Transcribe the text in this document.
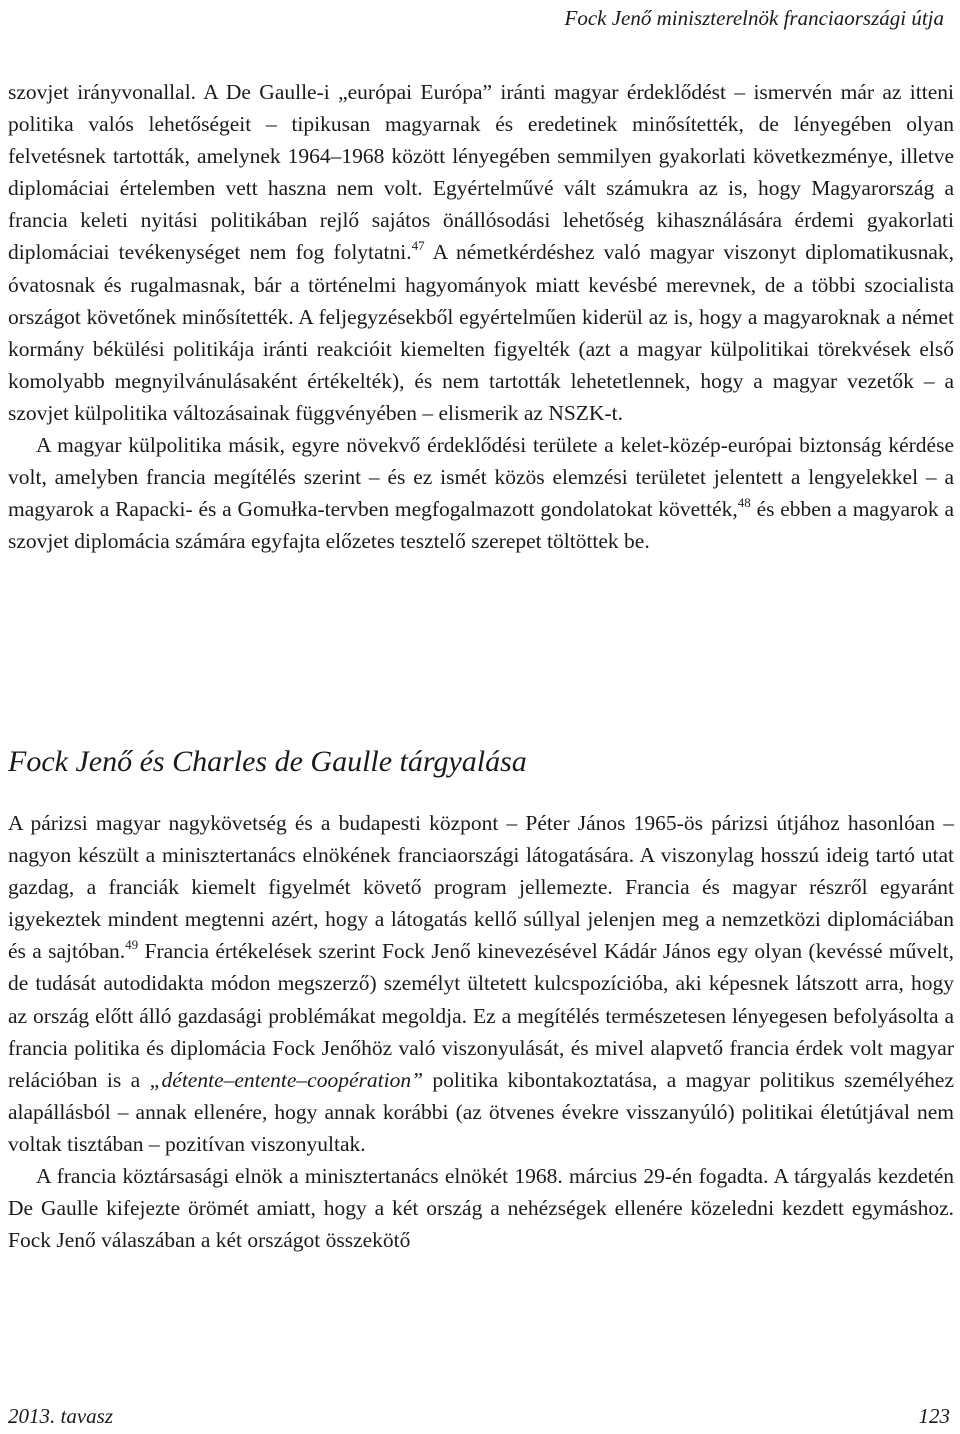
Fock Jenő miniszterelnök franciaországi útja

szovjet irányvonallal. A De Gaulle-i „európai Európa” iránti magyar érdeklődést – ismervén már az itteni politika valós lehetőségeit – tipikusan magyarnak és eredetinek minősítették, de lényegében olyan felvetésnek tartották, amelynek 1964–1968 között lényegében semmilyen gyakorlati következménye, illetve diplomáciai értelemben vett haszna nem volt. Egyértelművé vált számukra az is, hogy Magyarország a francia keleti nyitási politikában rejlő sajátos önállósodási lehetőség kihasználására érdemi gyakorlati diplomáciai tevékenységet nem fog folytatni.$^{47}$ A németkérdéshez való magyar viszonyt diplomatikusnak, óvatosnak és rugalmasnak, bár a történelmi hagyományok miatt kevésbé merevnek, de a többi szocialista országot követőnek minősítették. A feljegyzésekből egyértelműen kiderül az is, hogy a magyaroknak a német kormány békülési politikája iránti reakcióit kiemelten figyelték (azt a magyar külpolitikai törekvések első komolyabb megnyilvánulásaként értékelték), és nem tartották lehetetlennek, hogy a magyar vezetők – a szovjet külpolitika változásainak függvényében – elismerik az NSZK-t.

A magyar külpolitika másik, egyre növekvő érdeklődési területe a kelet-közép-európai biztonság kérdése volt, amelyben francia megítélés szerint – és ez ismét közös elemzési területet jelentett a lengyelekkel – a magyarok a Rapacki- és a Gomułka-tervben megfogalmazott gondolatokat követték,$^{48}$ és ebben a magyarok a szovjet diplomácia számára egyfajta előzetes tesztelő szerepet töltöttek be.

Fock Jenő és Charles de Gaulle tárgyalása

A párizsi magyar nagykövetség és a budapesti központ – Péter János 1965-ös párizsi útjához hasonlóan – nagyon készült a minisztertanács elnökének franciaországi látogatására. A viszonylag hosszú ideig tartó utat gazdag, a franciák kiemelt figyelmét követő program jellemezte. Francia és magyar részről egyaránt igyekeztek mindent megtenni azért, hogy a látogatás kellő súllyal jelenjen meg a nemzetközi diplomáciában és a sajtóban.$^{49}$ Francia értékelések szerint Fock Jenő kinevezésével Kádár János egy olyan (kevéssé művelt, de tudását autodidakta módon megszerző) személyt ültetett kulcspozícióba, aki képesnek látszott arra, hogy az ország előtt álló gazdasági problémákat megoldja. Ez a megítélés természetesen lényegesen befolyásolta a francia politika és diplomácia Fock Jenőhöz való viszonyulását, és mivel alapvető francia érdek volt magyar relációban is a „détente–entente–coopération” politika kibontakoztatása, a magyar politikus személyéhez alapállásból – annak ellenére, hogy annak korábbi (az ötvenes évekre visszanyúló) politikai életútjával nem voltak tisztában – pozitívan viszonyultak.

A francia köztársasági elnök a minisztertanács elnökét 1968. március 29-én fogadta. A tárgyalás kezdetén De Gaulle kifejezte örömét amiatt, hogy a két ország a nehézségek ellenére közeledni kezdett egymáshoz. Fock Jenő válaszában a két országot összekötő

2013. tavasz	123
